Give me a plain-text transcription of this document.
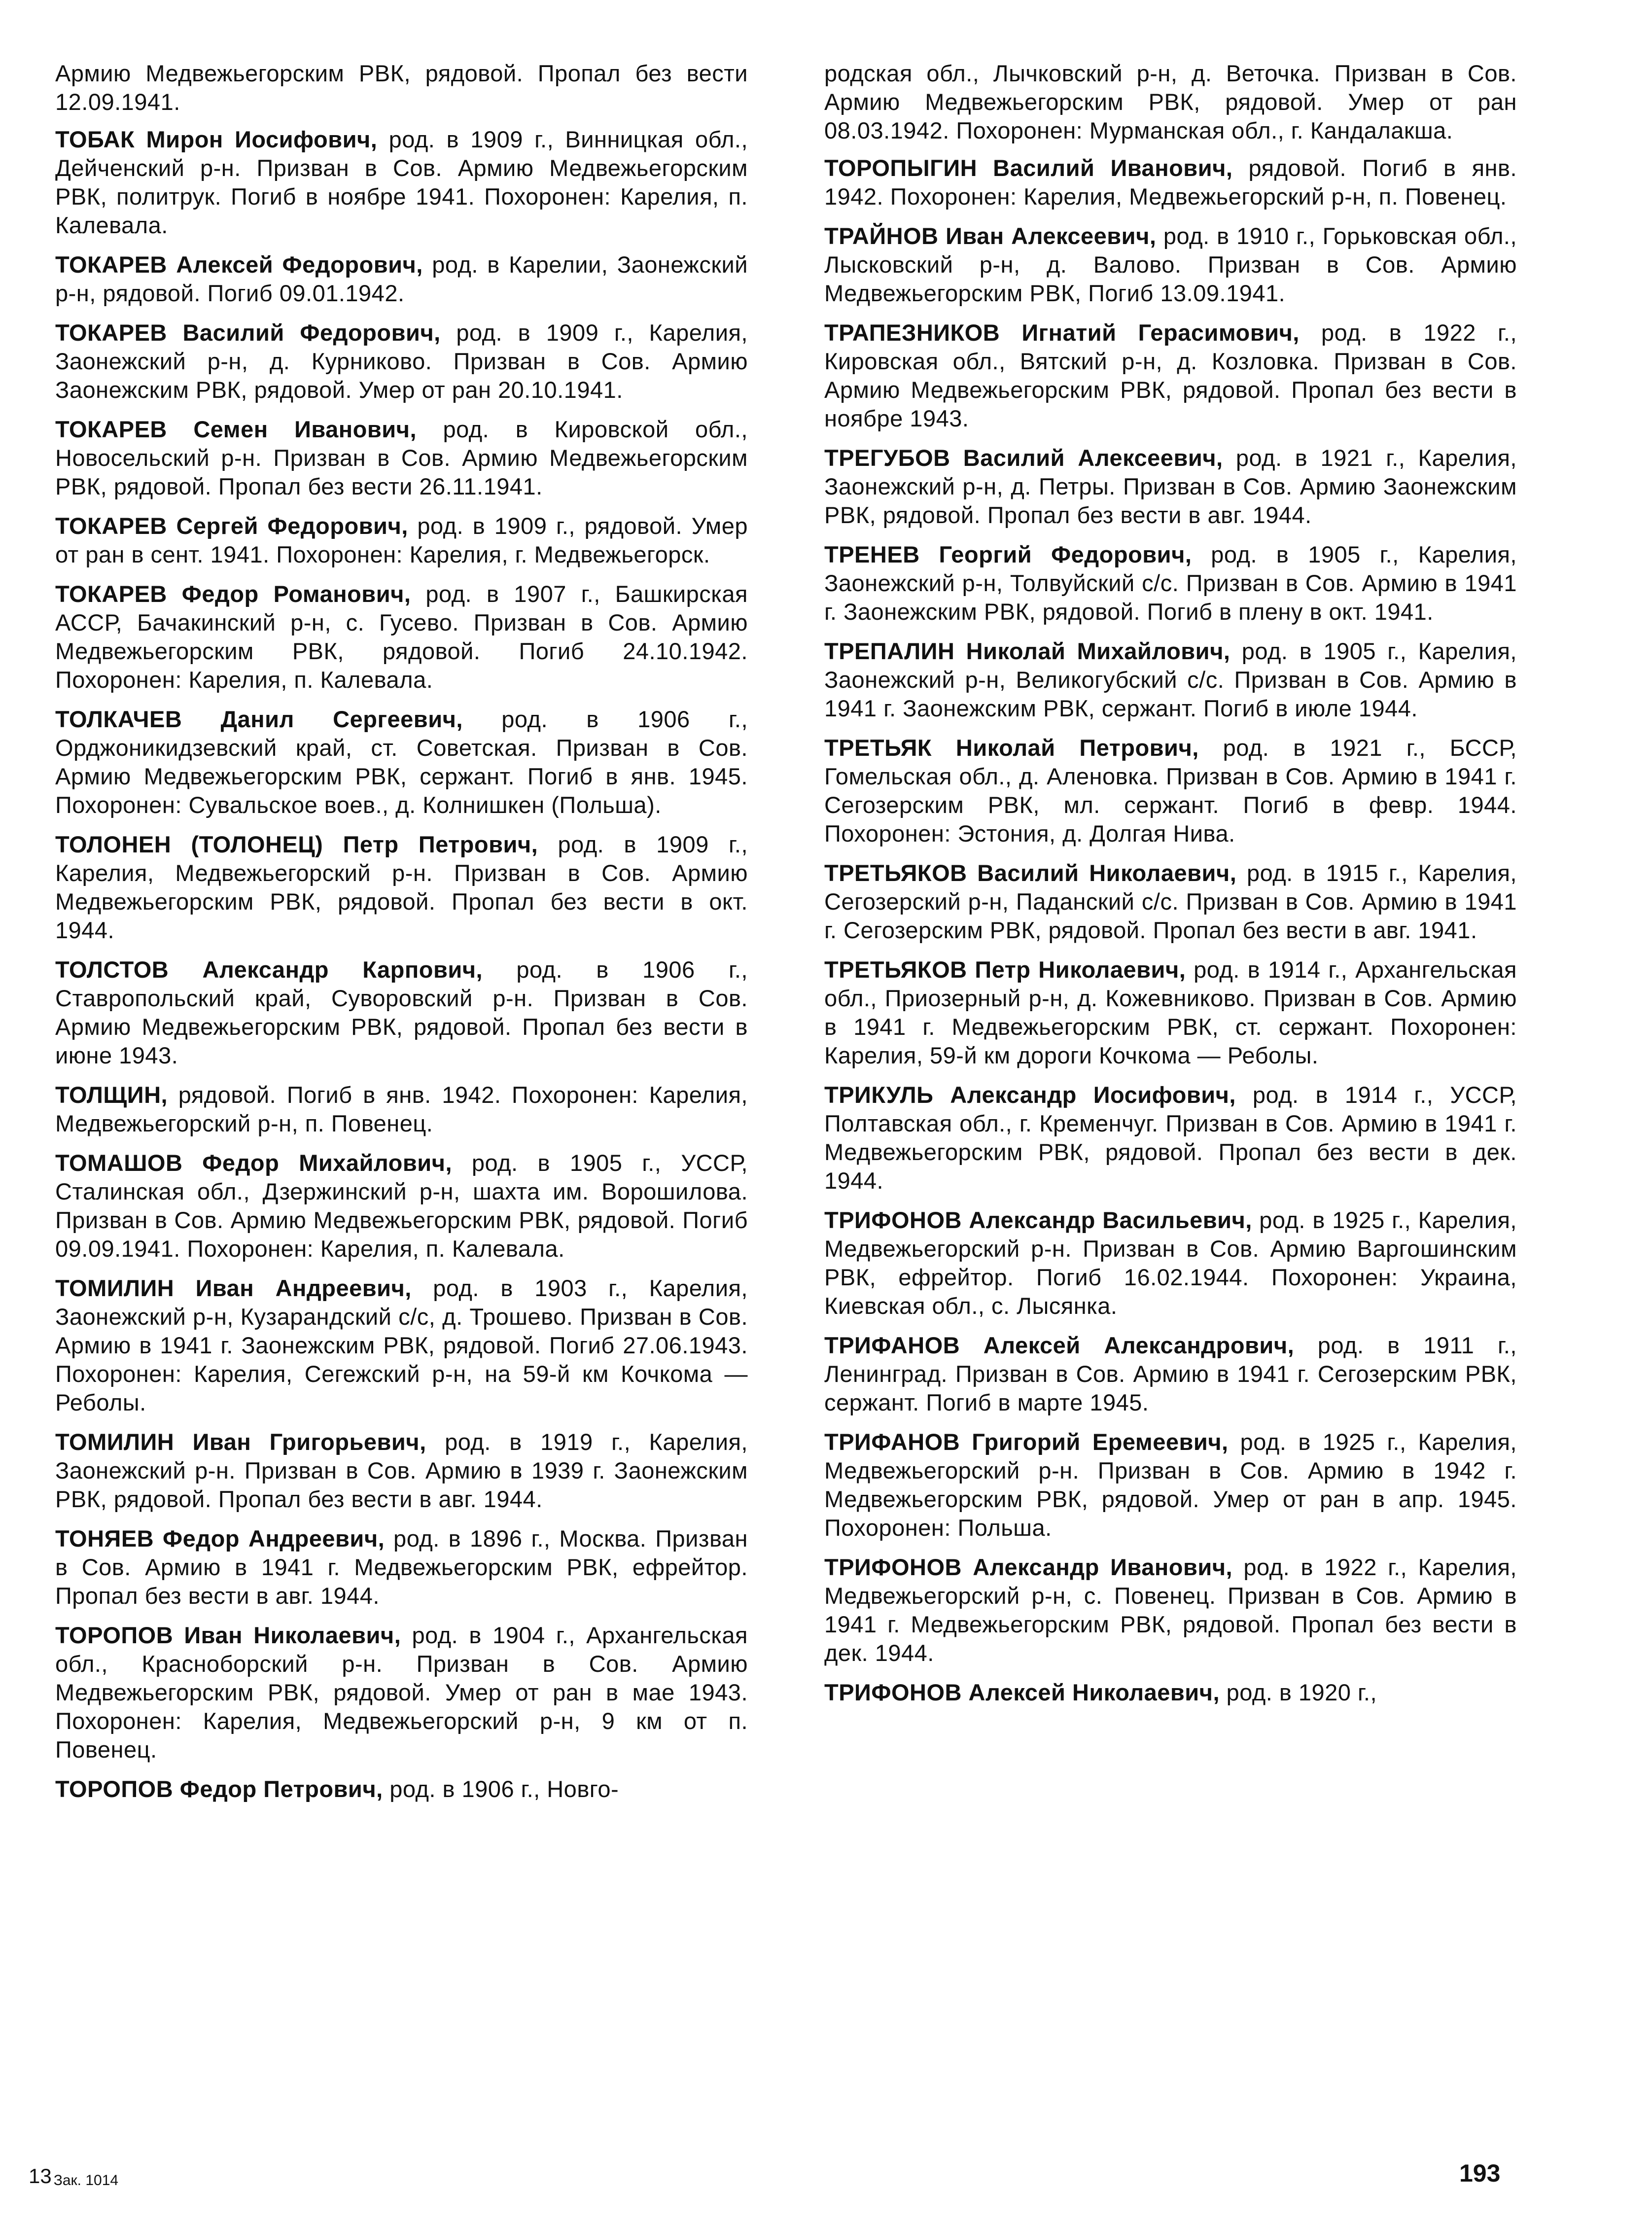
Армию Медвежьегорским РВК, рядовой. Пропал без вести 12.09.1941.

ТОБАК Мирон Иосифович, род. в 1909 г., Винницкая обл., Дейченский р-н. Призван в Сов. Армию Медвежьегорским РВК, политрук. Погиб в ноябре 1941. Похоронен: Карелия, п. Калевала.

ТОКАРЕВ Алексей Федорович, род. в Карелии, Заонежский р-н, рядовой. Погиб 09.01.1942.

ТОКАРЕВ Василий Федорович, род. в 1909 г., Карелия, Заонежский р-н, д. Курниково. Призван в Сов. Армию Заонежским РВК, рядовой. Умер от ран 20.10.1941.

ТОКАРЕВ Семен Иванович, род. в Кировской обл., Новосельский р-н. Призван в Сов. Армию Медвежьегорским РВК, рядовой. Пропал без вести 26.11.1941.

ТОКАРЕВ Сергей Федорович, род. в 1909 г., рядовой. Умер от ран в сент. 1941. Похоронен: Карелия, г. Медвежьегорск.

ТОКАРЕВ Федор Романович, род. в 1907 г., Башкирская АССР, Бачакинский р-н, с. Гусево. Призван в Сов. Армию Медвежьегорским РВК, рядовой. Погиб 24.10.1942. Похоронен: Карелия, п. Калевала.

ТОЛКАЧЕВ Данил Сергеевич, род. в 1906 г., Орджоникидзевский край, ст. Советская. Призван в Сов. Армию Медвежьегорским РВК, сержант. Погиб в янв. 1945. Похоронен: Сувальское воев., д. Колнишкен (Польша).

ТОЛОНЕН (ТОЛОНЕЦ) Петр Петрович, род. в 1909 г., Карелия, Медвежьегорский р-н. Призван в Сов. Армию Медвежьегорским РВК, рядовой. Пропал без вести в окт. 1944.

ТОЛСТОВ Александр Карпович, род. в 1906 г., Ставропольский край, Суворовский р-н. Призван в Сов. Армию Медвежьегорским РВК, рядовой. Пропал без вести в июне 1943.

ТОЛЩИН, рядовой. Погиб в янв. 1942. Похоронен: Карелия, Медвежьегорский р-н, п. Повенец.

ТОМАШОВ Федор Михайлович, род. в 1905 г., УССР, Сталинская обл., Дзержинский р-н, шахта им. Ворошилова. Призван в Сов. Армию Медвежьегорским РВК, рядовой. Погиб 09.09.1941. Похоронен: Карелия, п. Калевала.

ТОМИЛИН Иван Андреевич, род. в 1903 г., Карелия, Заонежский р-н, Кузарандский с/с, д. Трошево. Призван в Сов. Армию в 1941 г. Заонежским РВК, рядовой. Погиб 27.06.1943. Похоронен: Карелия, Сегежский р-н, на 59-й км Кочкома — Реболы.

ТОМИЛИН Иван Григорьевич, род. в 1919 г., Карелия, Заонежский р-н. Призван в Сов. Армию в 1939 г. Заонежским РВК, рядовой. Пропал без вести в авг. 1944.

ТОНЯЕВ Федор Андреевич, род. в 1896 г., Москва. Призван в Сов. Армию в 1941 г. Медвежьегорским РВК, ефрейтор. Пропал без вести в авг. 1944.

ТОРОПОВ Иван Николаевич, род. в 1904 г., Архангельская обл., Красноборский р-н. Призван в Сов. Армию Медвежьегорским РВК, рядовой. Умер от ран в мае 1943. Похоронен: Карелия, Медвежьегорский р-н, 9 км от п. Повенец.

ТОРОПОВ Федор Петрович, род. в 1906 г., Новго-

родская обл., Лычковский р-н, д. Веточка. Призван в Сов. Армию Медвежьегорским РВК, рядовой. Умер от ран 08.03.1942. Похоронен: Мурманская обл., г. Кандалакша.

ТОРОПЫГИН Василий Иванович, рядовой. Погиб в янв. 1942. Похоронен: Карелия, Медвежьегорский р-н, п. Повенец.

ТРАЙНОВ Иван Алексеевич, род. в 1910 г., Горьковская обл., Лысковский р-н, д. Валово. Призван в Сов. Армию Медвежьегорским РВК, Погиб 13.09.1941.

ТРАПЕЗНИКОВ Игнатий Герасимович, род. в 1922 г., Кировская обл., Вятский р-н, д. Козловка. Призван в Сов. Армию Медвежьегорским РВК, рядовой. Пропал без вести в ноябре 1943.

ТРЕГУБОВ Василий Алексеевич, род. в 1921 г., Карелия, Заонежский р-н, д. Петры. Призван в Сов. Армию Заонежским РВК, рядовой. Пропал без вести в авг. 1944.

ТРЕНЕВ Георгий Федорович, род. в 1905 г., Карелия, Заонежский р-н, Толвуйский с/с. Призван в Сов. Армию в 1941 г. Заонежским РВК, рядовой. Погиб в плену в окт. 1941.

ТРЕПАЛИН Николай Михайлович, род. в 1905 г., Карелия, Заонежский р-н, Великогубский с/с. Призван в Сов. Армию в 1941 г. Заонежским РВК, сержант. Погиб в июле 1944.

ТРЕТЬЯК Николай Петрович, род. в 1921 г., БССР, Гомельская обл., д. Аленовка. Призван в Сов. Армию в 1941 г. Сегозерским РВК, мл. сержант. Погиб в февр. 1944. Похоронен: Эстония, д. Долгая Нива.

ТРЕТЬЯКОВ Василий Николаевич, род. в 1915 г., Карелия, Сегозерский р-н, Паданский с/с. Призван в Сов. Армию в 1941 г. Сегозерским РВК, рядовой. Пропал без вести в авг. 1941.

ТРЕТЬЯКОВ Петр Николаевич, род. в 1914 г., Архангельская обл., Приозерный р-н, д. Кожевниково. Призван в Сов. Армию в 1941 г. Медвежьегорским РВК, ст. сержант. Похоронен: Карелия, 59-й км дороги Кочкома — Реболы.

ТРИКУЛЬ Александр Иосифович, род. в 1914 г., УССР, Полтавская обл., г. Кременчуг. Призван в Сов. Армию в 1941 г. Медвежьегорским РВК, рядовой. Пропал без вести в дек. 1944.

ТРИФОНОВ Александр Васильевич, род. в 1925 г., Карелия, Медвежьегорский р-н. Призван в Сов. Армию Варгошинским РВК, ефрейтор. Погиб 16.02.1944. Похоронен: Украина, Киевская обл., с. Лысянка.

ТРИФАНОВ Алексей Александрович, род. в 1911 г., Ленинград. Призван в Сов. Армию в 1941 г. Сегозерским РВК, сержант. Погиб в марте 1945.

ТРИФАНОВ Григорий Еремеевич, род. в 1925 г., Карелия, Медвежьегорский р-н. Призван в Сов. Армию в 1942 г. Медвежьегорским РВК, рядовой. Умер от ран в апр. 1945. Похоронен: Польша.

ТРИФОНОВ Александр Иванович, род. в 1922 г., Карелия, Медвежьегорский р-н, с. Повенец. Призван в Сов. Армию в 1941 г. Медвежьегорским РВК, рядовой. Пропал без вести в дек. 1944.

ТРИФОНОВ Алексей Николаевич, род. в 1920 г.,

13 Зак. 1014	193
